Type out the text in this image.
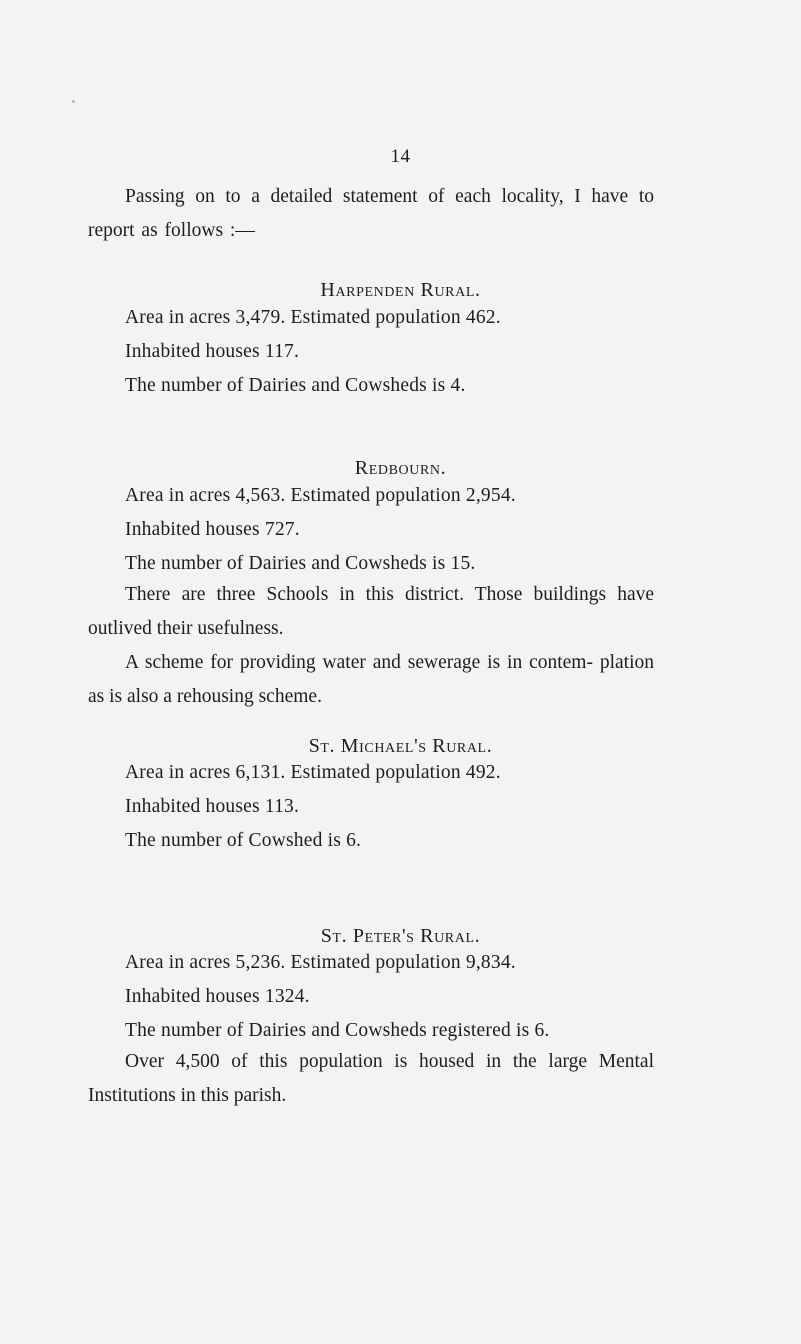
14
Passing on to a detailed statement of each locality, I have to report as follows :—
Harpenden Rural.
Area in acres 3,479. Estimated population 462.
Inhabited houses 117.
The number of Dairies and Cowsheds is 4.
Redbourn.
Area in acres 4,563. Estimated population 2,954.
Inhabited houses 727.
The number of Dairies and Cowsheds is 15.
There are three Schools in this district. Those buildings have outlived their usefulness.
A scheme for providing water and sewerage is in contem- plation as is also a rehousing scheme.
St. Michael's Rural.
Area in acres 6,131. Estimated population 492.
Inhabited houses 113.
The number of Cowshed is 6.
St. Peter's Rural.
Area in acres 5,236. Estimated population 9,834.
Inhabited houses 1324.
The number of Dairies and Cowsheds registered is 6.
Over 4,500 of this population is housed in the large Mental Institutions in this parish.
